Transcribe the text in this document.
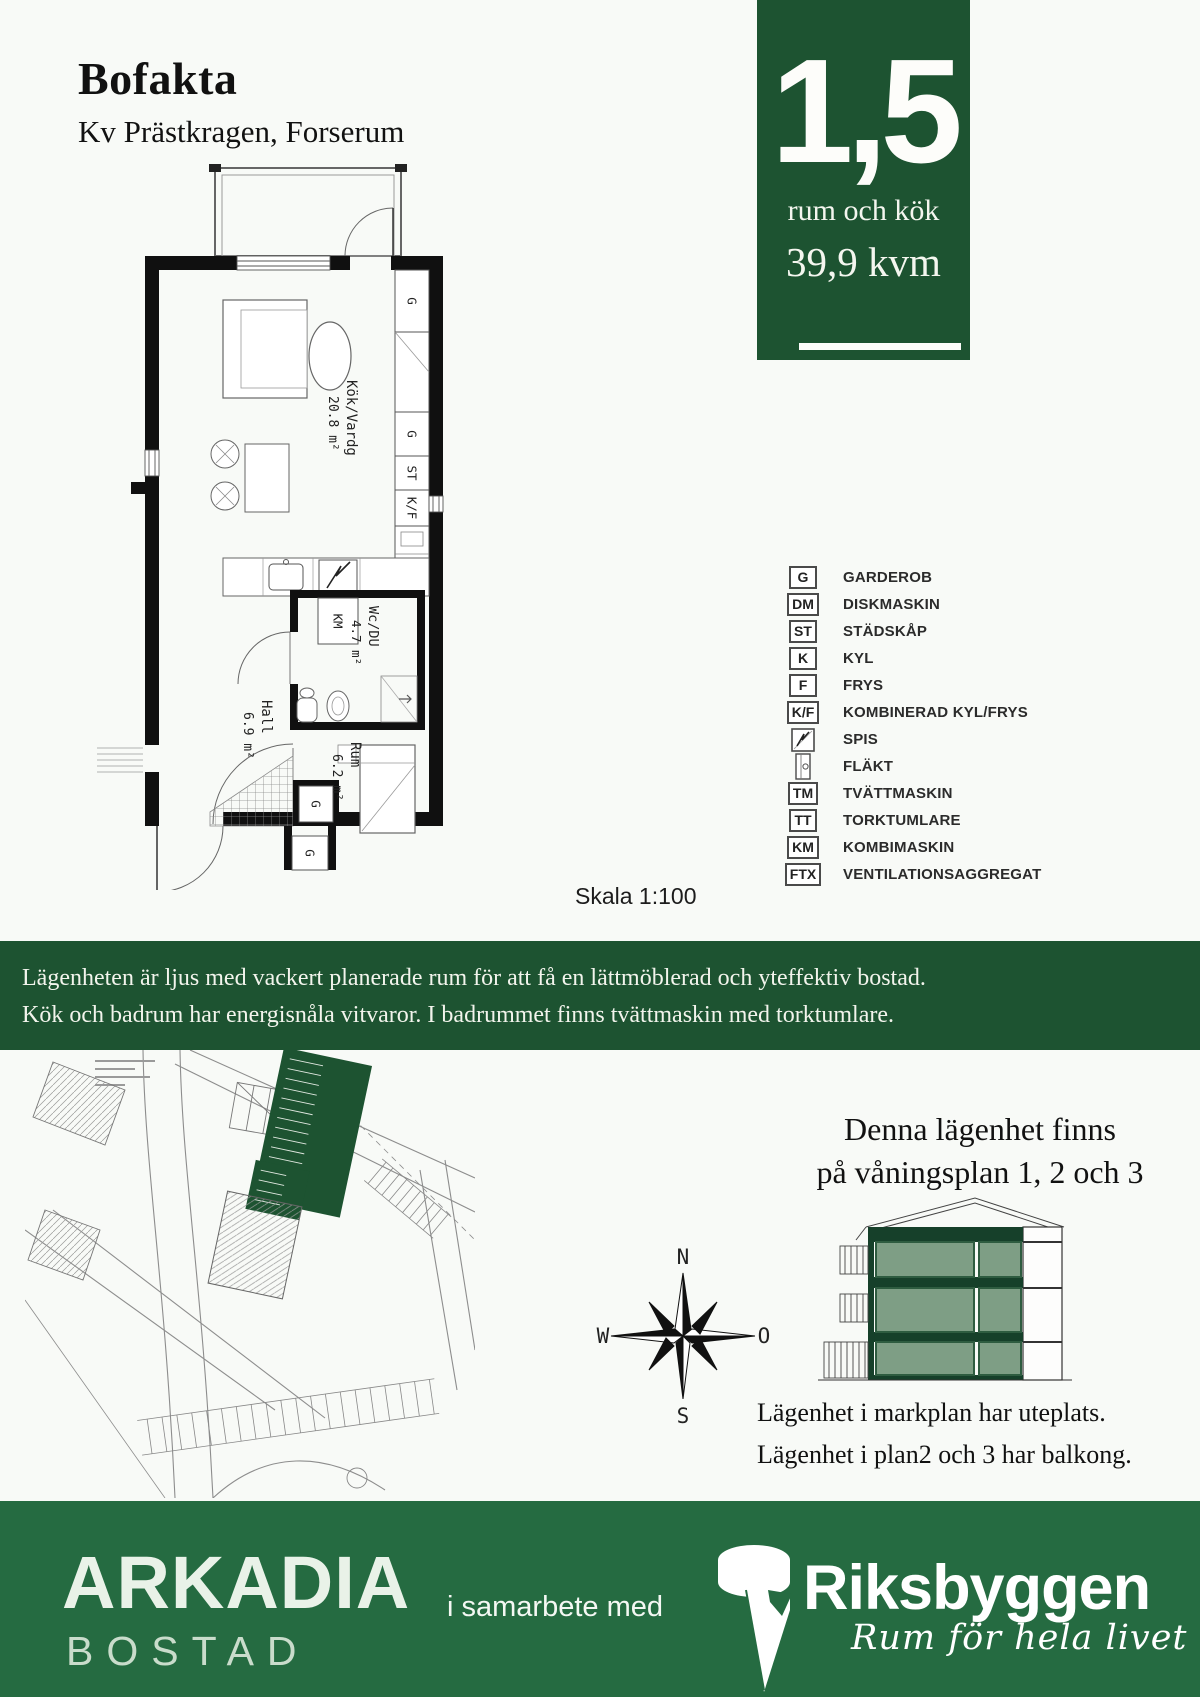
Bofakta
Kv Prästkragen, Forserum 1,5
rum och kök
39,9 kvm
Kök/Vardg
20.8 m²
Wc/DU
4.7 m²
Hall
6.9 m²	Rum
6.2 m²
G
G
ST
K/F
KM
G
G
Skala 1:100
G	GARDEROB
DM	DISKMASKIN
ST	STÄDSKÅP
K	KYL
F	FRYS
K/F	KOMBINERAD KYL/FRYS
SPIS
FLÄKT
TM	TVÄTTMASKIN
TT	TORKTUMLARE
KM	KOMBIMASKIN
FTX	VENTILATIONSAGGREGAT
Lägenheten är ljus med vackert planerade rum för att få en lättmöblerad och yteffektiv bostad.
Kök och badrum har energisnåla vitvaror. I badrummet finns tvättmaskin med torktumlare.
N
W	O
S
Denna lägenhet finns
på våningsplan 1, 2 och 3
Lägenhet i markplan har uteplats.
Lägenhet i plan2 och 3 har balkong.
ARKADIA
BOSTAD
i samarbete med Riksbyggen
Rum för hela livet
